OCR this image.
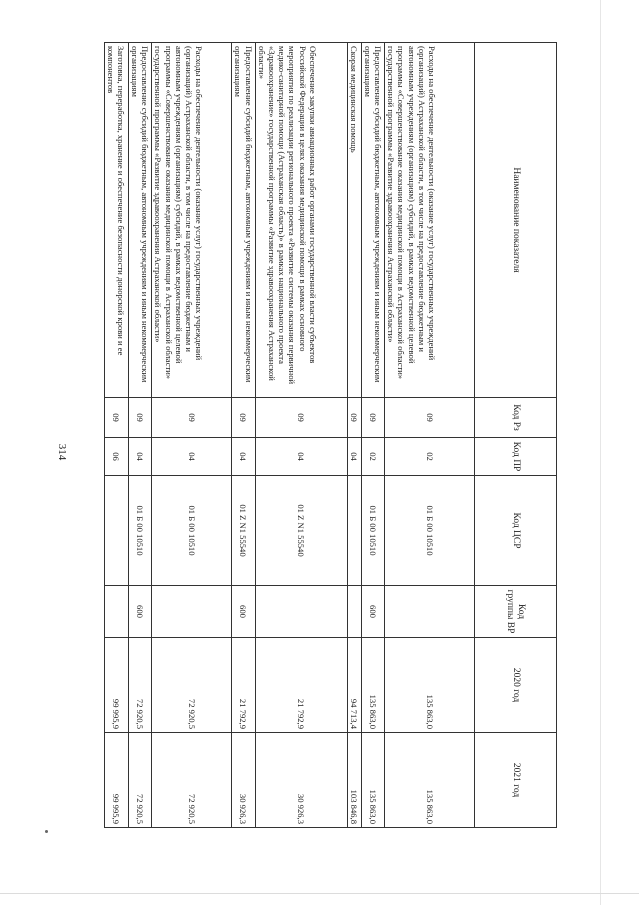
314
Наименование показателя	Код Рз	Код ПР	Код ЦСР	Код группы ВР	2020 год	2021 год
Расходы на обеспечение деятельности (оказание услуг) государственных учреждений (организаций) Астраханской области, в том числе на предоставление бюджетным и автономным учреждениям (организациям) субсидий, в рамках ведомственной целевой программы «Совершенствование оказания медицинской помощи в Астраханской области» государственной программы «Развитие здравоохранения Астраханской области»	09	02	01 Б 00 10510		135 863,0	135 863,0
Предоставление субсидий бюджетным, автономным учреждениям и иным некоммерческим организациям	09	02	01 Б 00 10510	600	135 863,0	135 863,0
Скорая медицинская помощь	09	04			94 713,4	103 846,8
Обеспечение закупки авиационных работ органами государственной власти субъектов Российской Федерации в целях оказания медицинской помощи в рамках основного мероприятия по реализации регионального проекта «Развитие системы оказания первичной медико-санитарной помощи (Астраханская область)» в рамках национального проекта «Здравоохранение» государственной программы «Развитие здравоохранения Астраханской области»	09	04	01 Z N1 55540		21 792,9	30 926,3
Предоставление субсидий бюджетным, автономным учреждениям и иным некоммерческим организациям	09	04	01 Z N1 55540	600	21 792,9	30 926,3
Расходы на обеспечение деятельности (оказание услуг) государственных учреждений (организаций) Астраханской области, в том числе на предоставление бюджетным и автономным учреждениям (организациям) субсидий, в рамках ведомственной целевой программы «Совершенствование оказания медицинской помощи в Астраханской области» государственной программы «Развитие здравоохранения Астраханской области»	09	04	01 Б 00 10510		72 920,5	72 920,5
Предоставление субсидий бюджетным, автономным учреждениям и иным некоммерческим организациям	09	04	01 Б 00 10510	600	72 920,5	72 920,5
Заготовка, переработка, хранение и обеспечение безопасности донорской крови и ее компонентов	09	06			99 995,9	99 995,9
